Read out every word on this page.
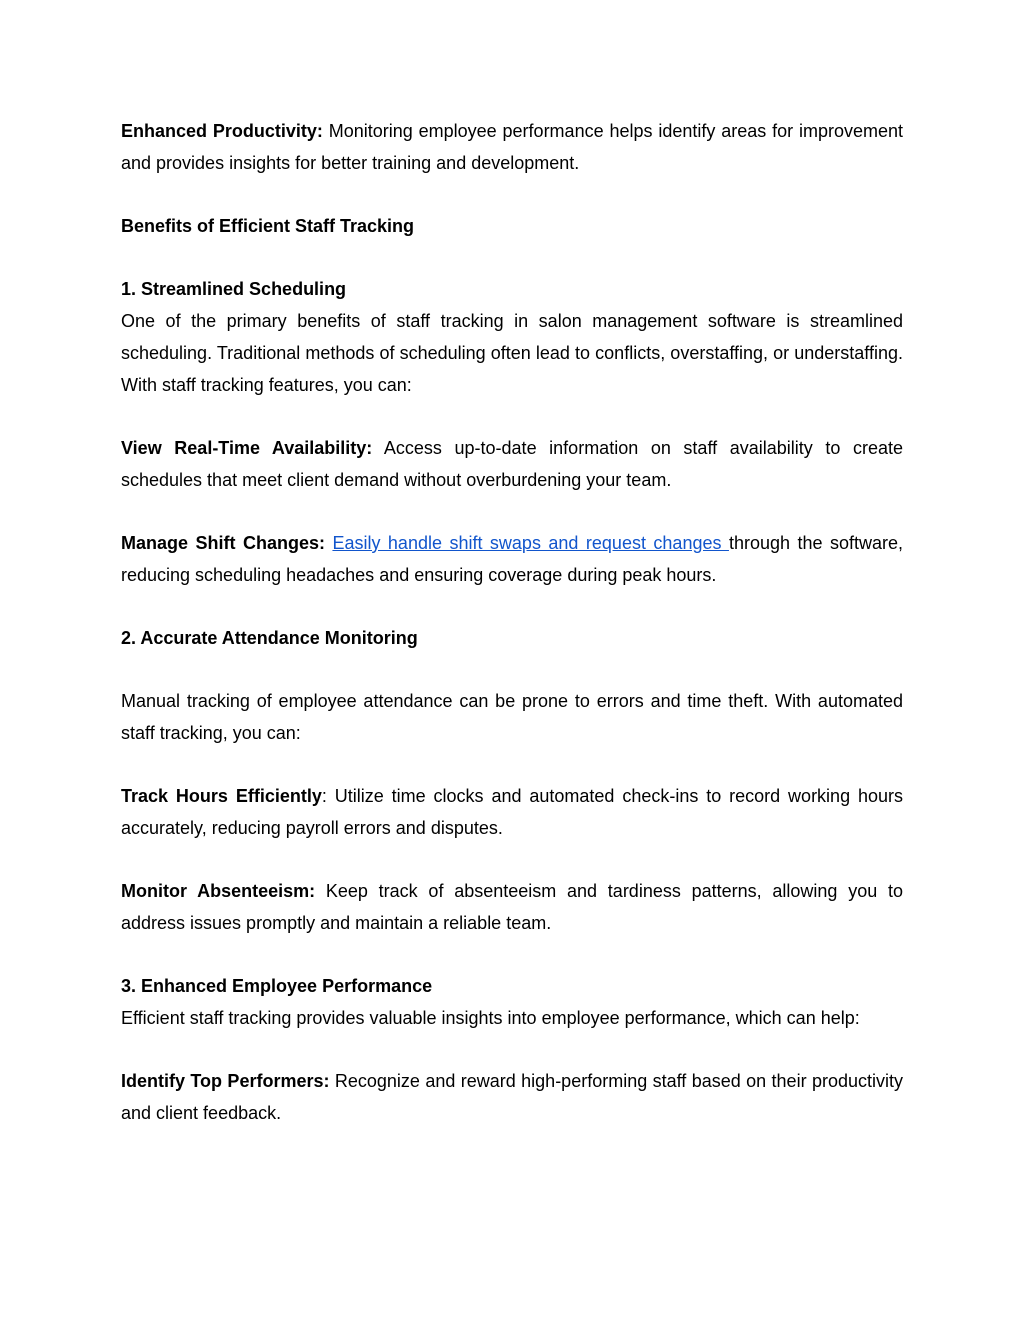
Enhanced Productivity: Monitoring employee performance helps identify areas for improvement and provides insights for better training and development.

Benefits of Efficient Staff Tracking

1. Streamlined Scheduling

One of the primary benefits of staff tracking in salon management software is streamlined scheduling. Traditional methods of scheduling often lead to conflicts, overstaffing, or understaffing. With staff tracking features, you can:

View Real-Time Availability: Access up-to-date information on staff availability to create schedules that meet client demand without overburdening your team.

Manage Shift Changes: Easily handle shift swaps and request changes through the software, reducing scheduling headaches and ensuring coverage during peak hours.

2. Accurate Attendance Monitoring

Manual tracking of employee attendance can be prone to errors and time theft. With automated staff tracking, you can:

Track Hours Efficiently: Utilize time clocks and automated check-ins to record working hours accurately, reducing payroll errors and disputes.

Monitor Absenteeism: Keep track of absenteeism and tardiness patterns, allowing you to address issues promptly and maintain a reliable team.

3. Enhanced Employee Performance

Efficient staff tracking provides valuable insights into employee performance, which can help:

Identify Top Performers: Recognize and reward high-performing staff based on their productivity and client feedback.
